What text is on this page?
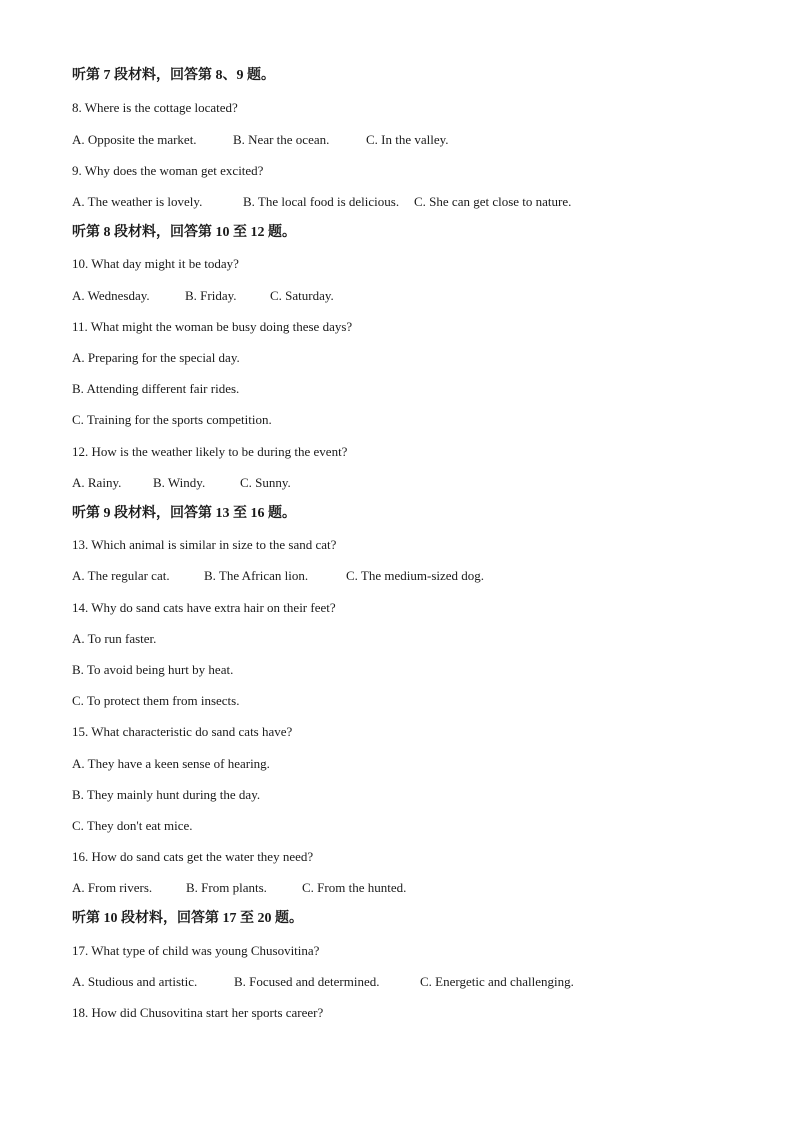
听第 7 段材料，回答第 8、9 题。
8. Where is the cottage located?
A. Opposite the market.	B. Near the ocean.	C. In the valley.
9. Why does the woman get excited?
A. The weather is lovely.	B. The local food is delicious. C. She can get close to nature.
听第 8 段材料，回答第 10 至 12 题。
10. What day might it be today?
A. Wednesday.	B. Friday.	C. Saturday.
11. What might the woman be busy doing these days?
A. Preparing for the special day.
B. Attending different fair rides.
C. Training for the sports competition.
12. How is the weather likely to be during the event?
A. Rainy. B. Windy.	C. Sunny.
听第 9 段材料，回答第 13 至 16 题。
13. Which animal is similar in size to the sand cat?
A. The regular cat.	B. The African lion.	C. The medium-sized dog.
14. Why do sand cats have extra hair on their feet?
A. To run faster.
B. To avoid being hurt by heat.
C. To protect them from insects.
15. What characteristic do sand cats have?
A. They have a keen sense of hearing.
B. They mainly hunt during the day.
C. They don't eat mice.
16. How do sand cats get the water they need?
A. From rivers.	B. From plants.	C. From the hunted.
听第 10 段材料，回答第 17 至 20 题。
17. What type of child was young Chusovitina?
A. Studious and artistic.	B. Focused and determined.	C. Energetic and challenging.
18. How did Chusovitina start her sports career?
